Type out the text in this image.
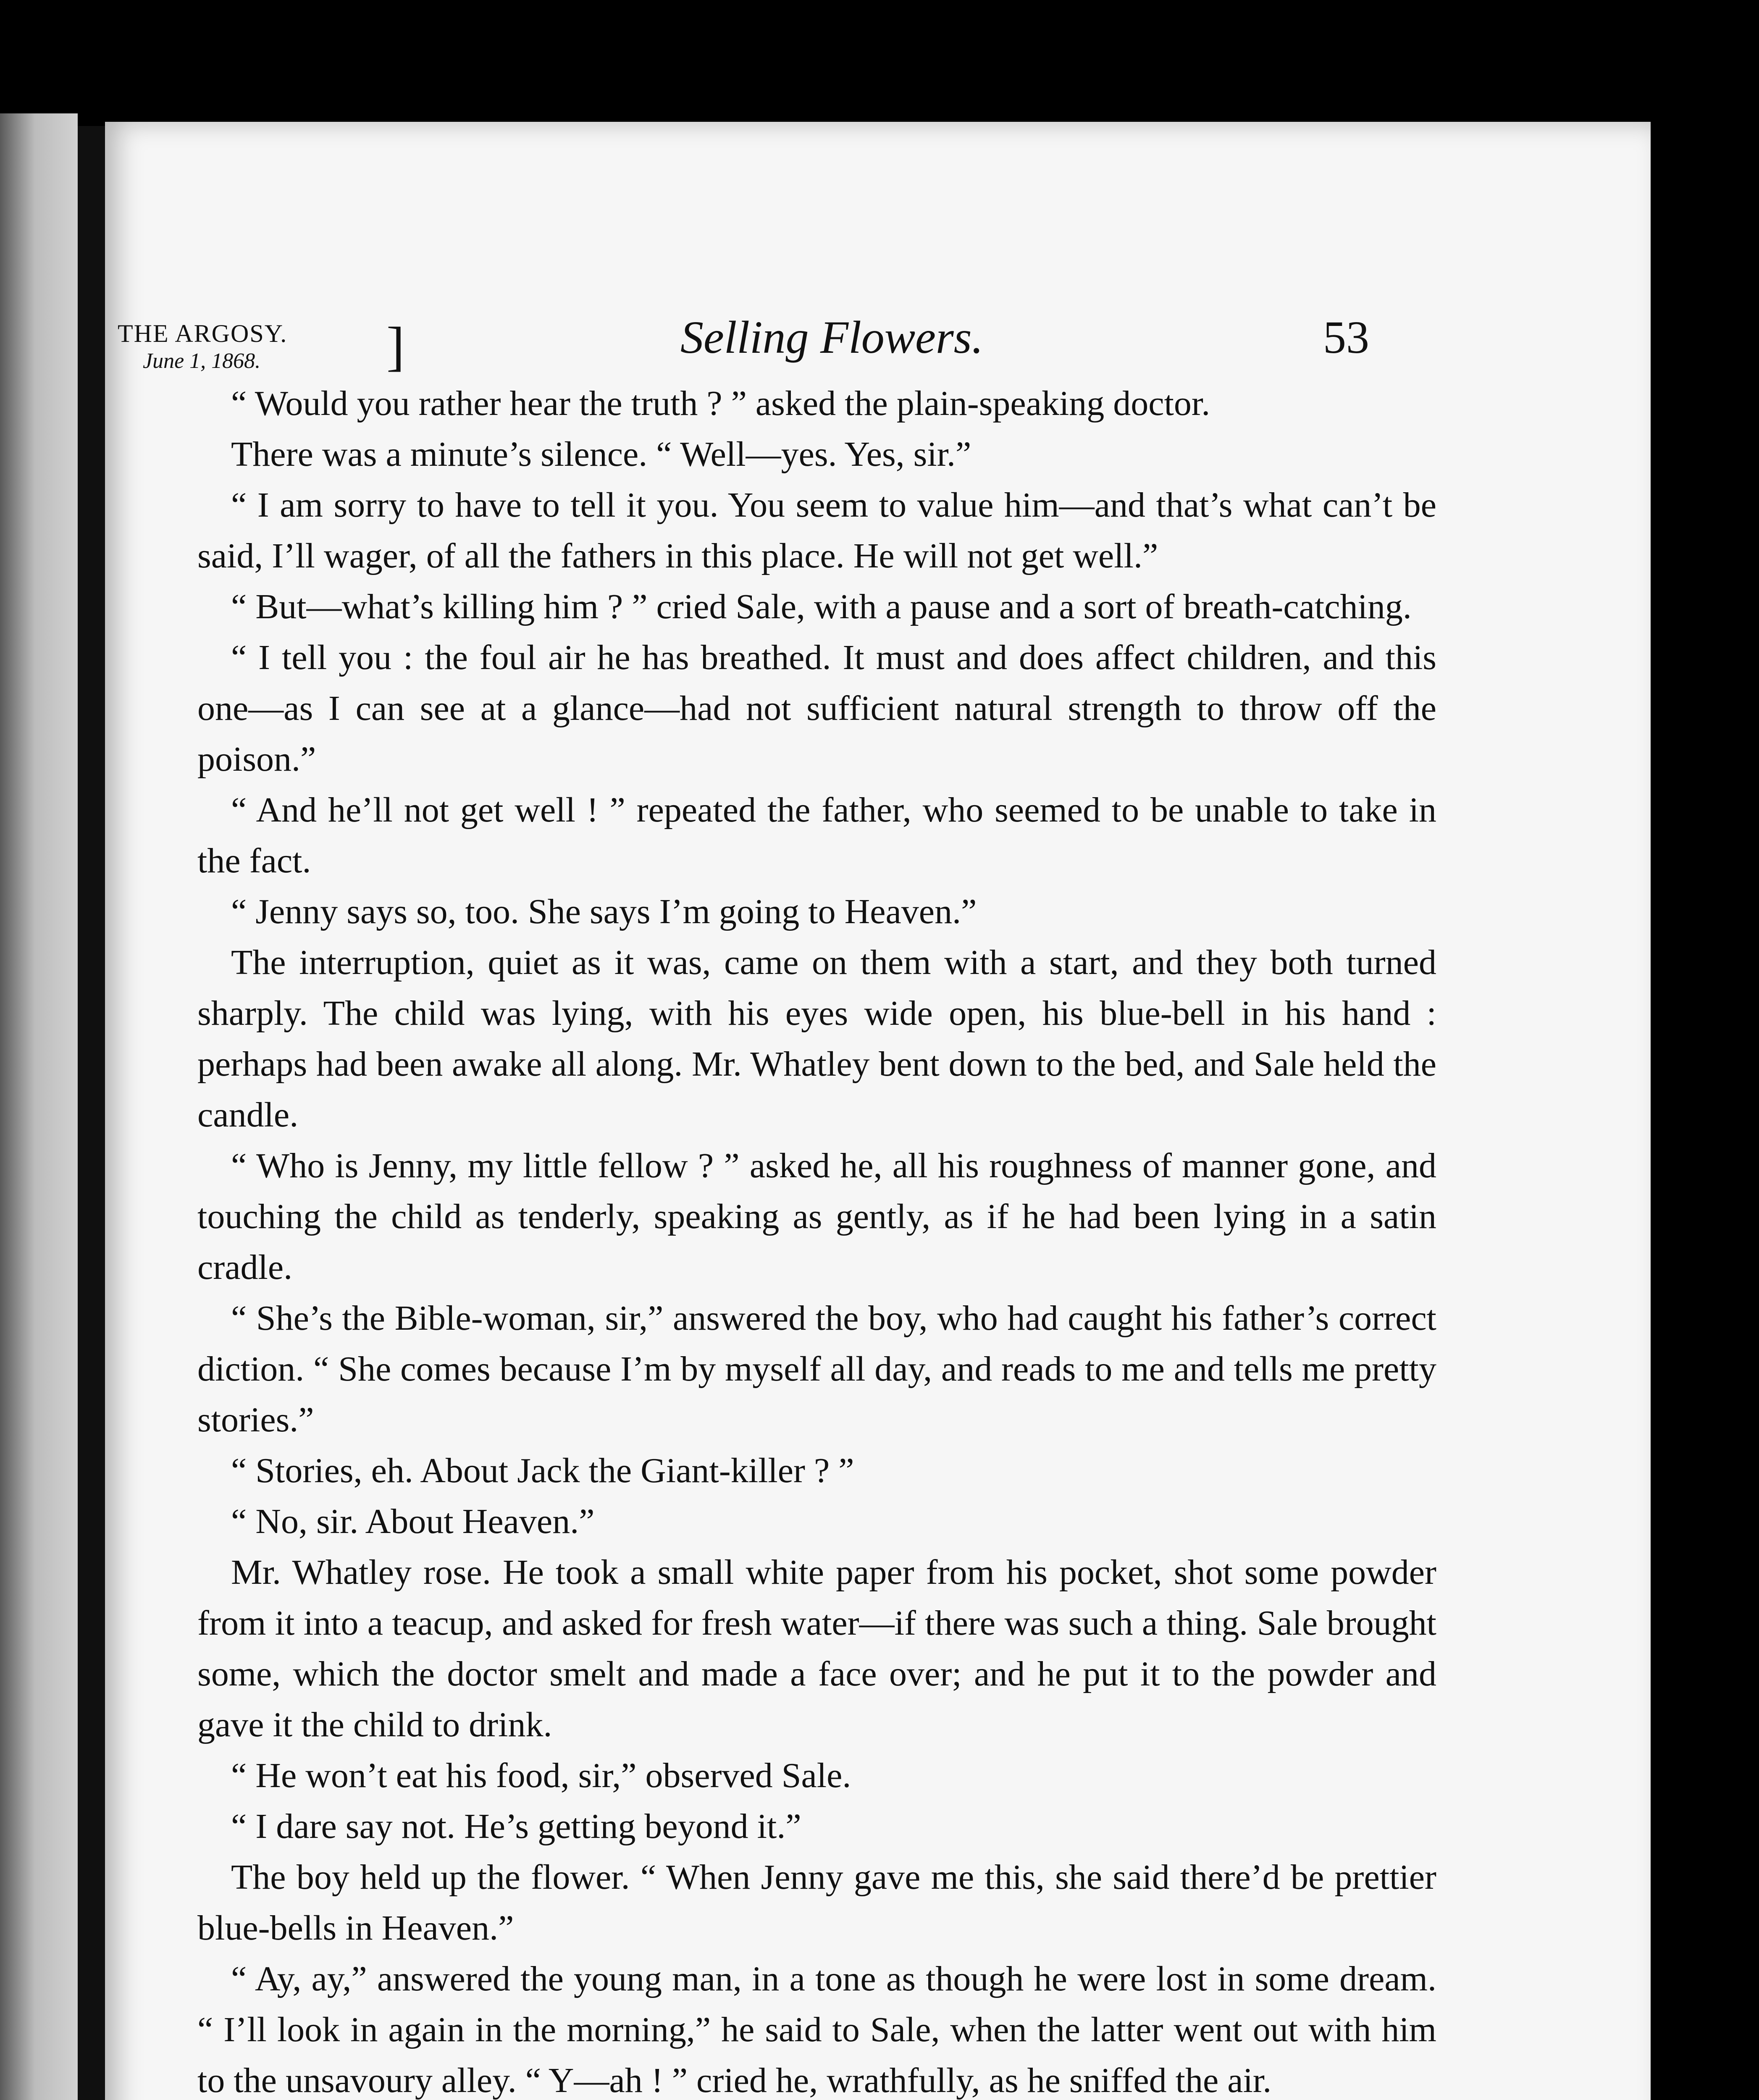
THE ARGOSY.
June 1, 1868. ]	Selling Flowers.	53

“ Would you rather hear the truth ? ” asked the plain-speaking doctor.

There was a minute’s silence. “ Well—yes. Yes, sir.”

“ I am sorry to have to tell it you. You seem to value him—and that’s what can’t be said, I’ll wager, of all the fathers in this place. He will not get well.”

“ But—what’s killing him ? ” cried Sale, with a pause and a sort of breath-catching.

“ I tell you : the foul air he has breathed. It must and does affect children, and this one—as I can see at a glance—had not sufficient natural strength to throw off the poison.”

“ And he’ll not get well ! ” repeated the father, who seemed to be unable to take in the fact.

“ Jenny says so, too. She says I’m going to Heaven.”

The interruption, quiet as it was, came on them with a start, and they both turned sharply. The child was lying, with his eyes wide open, his blue-bell in his hand : perhaps had been awake all along. Mr. Whatley bent down to the bed, and Sale held the candle.

“ Who is Jenny, my little fellow ? ” asked he, all his roughness of manner gone, and touching the child as tenderly, speaking as gently, as if he had been lying in a satin cradle.

“ She’s the Bible-woman, sir,” answered the boy, who had caught his father’s correct diction. “ She comes because I’m by myself all day, and reads to me and tells me pretty stories.”

“ Stories, eh. About Jack the Giant-killer ? ”

“ No, sir. About Heaven.”

Mr. Whatley rose. He took a small white paper from his pocket, shot some powder from it into a teacup, and asked for fresh water—if there was such a thing. Sale brought some, which the doctor smelt and made a face over; and he put it to the powder and gave it the child to drink.

“ He won’t eat his food, sir,” observed Sale.

“ I dare say not. He’s getting beyond it.”

The boy held up the flower. “ When Jenny gave me this, she said there’d be prettier blue-bells in Heaven.”

“ Ay, ay,” answered the young man, in a tone as though he were lost in some dream. “ I’ll look in again in the morning,” he said to Sale, when the latter went out with him to the unsavoury alley. “ Y—ah ! ” cried he, wrathfully, as he sniffed the air.
